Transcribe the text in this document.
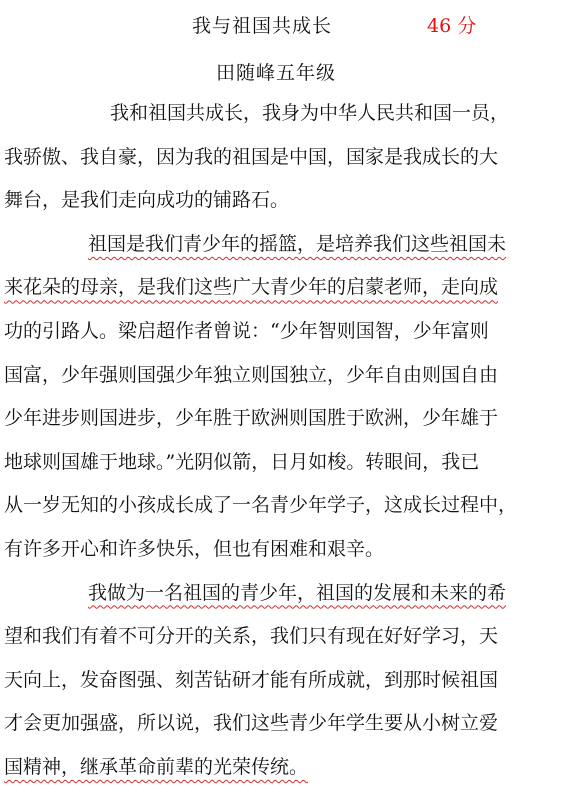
我与祖国共成长	46 分
田随峰五年级

我和祖国共成长，我身为中华人民共和国一员，
我骄傲、我自豪，因为我的祖国是中国，国家是我成长的大
舞台，是我们走向成功的铺路石。

祖国是我们青少年的摇篮，是培养我们这些祖国未
来花朵的母亲，是我们这些广大青少年的启蒙老师，走向成
功的引路人。梁启超作者曾说：“少年智则国智，少年富则
国富，少年强则国强少年独立则国独立，少年自由则国自由
少年进步则国进步，少年胜于欧洲则国胜于欧洲，少年雄于
地球则国雄于地球。”光阴似箭，日月如梭。转眼间，我已
从一岁无知的小孩成长成了一名青少年学子，这成长过程中，
有许多开心和许多快乐，但也有困难和艰辛。

我做为一名祖国的青少年，祖国的发展和未来的希
望和我们有着不可分开的关系，我们只有现在好好学习，天
天向上，发奋图强、刻苦钻研才能有所成就，到那时候祖国
才会更加强盛，所以说，我们这些青少年学生要从小树立爱
国精神，继承革命前辈的光荣传统。
